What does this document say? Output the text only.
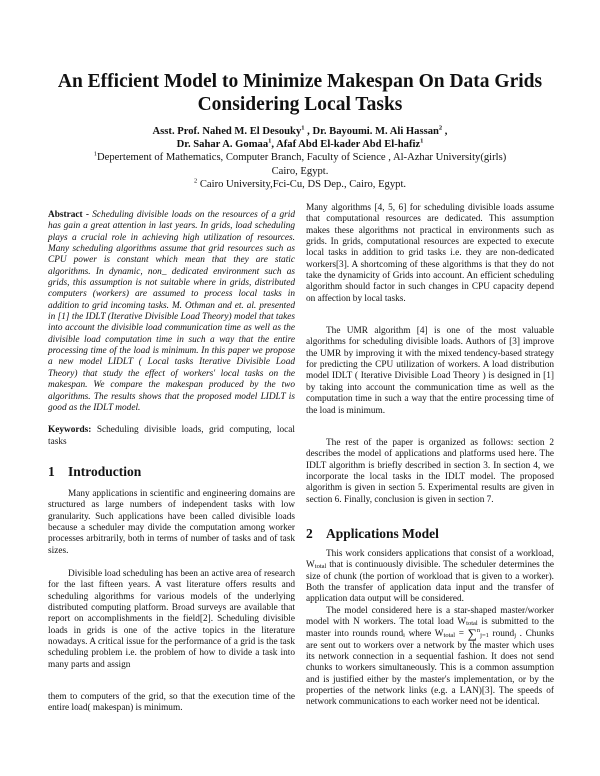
An Efficient Model to Minimize Makespan On Data Grids
Considering Local Tasks
Asst. Prof. Nahed M. El Desouky$^1$ , Dr. Bayoumi. M. Ali Hassan$^2$ ,
Dr. Sahar A. Gomaa$^1$, Afaf Abd El-kader Abd El-hafiz$^1$
$^1$Depertement of Mathematics, Computer Branch, Faculty of Science , Al-Azhar University(girls)
Cairo, Egypt.
$^2$ Cairo University,Fci-Cu, DS Dep., Cairo, Egypt.

Abstract - Scheduling divisible loads on the resources of a grid has gain a great attention in last years. In grids, load scheduling plays a crucial role in achieving high utilization of resources. Many scheduling algorithms assume that grid resources such as CPU power is constant which mean that they are static algorithms. In dynamic, non_ dedicated environment such as grids, this assumption is not suitable where in grids, distributed computers (workers) are assumed to process local tasks in addition to grid incoming tasks. M. Othman and et. al. presented in [1] the IDLT (Iterative Divisible Load Theory) model that takes into account the divisible load communication time as well as the divisible load computation time in such a way that the entire processing time of the load is minimum. In this paper we propose a new model LIDLT ( Local tasks Iterative Divisible Load Theory) that study the effect of workers' local tasks on the makespan. We compare the makespan produced by the two algorithms. The results shows that the proposed model LIDLT is good as the IDLT model.

Keywords: Scheduling divisible loads, grid computing, local tasks

1 Introduction

Many applications in scientific and engineering domains are structured as large numbers of independent tasks with low granularity. Such applications have been called divisible loads because a scheduler may divide the computation among worker processes arbitrarily, both in terms of number of tasks and of task sizes.

Divisible load scheduling has been an active area of research for the last fifteen years. A vast literature offers results and scheduling algorithms for various models of the underlying distributed computing platform. Broad surveys are available that report on accomplishments in the field[2]. Scheduling divisible loads in grids is one of the active topics in the literature nowadays. A critical issue for the performance of a grid is the task scheduling problem i.e. the problem of how to divide a task into many parts and assign

them to computers of the grid, so that the execution time of the entire load( makespan) is minimum.

Many algorithms [4, 5, 6] for scheduling divisible loads assume that computational resources are dedicated. This assumption makes these algorithms not practical in environments such as grids. In grids, computational resources are expected to execute local tasks in addition to grid tasks i.e. they are non-dedicated workers[3]. A shortcoming of these algorithms is that they do not take the dynamicity of Grids into account. An efficient scheduling algorithm should factor in such changes in CPU capacity depend on affection by local tasks.

The UMR algorithm [4] is one of the most valuable algorithms for scheduling divisible loads. Authors of [3] improve the UMR by improving it with the mixed tendency-based strategy for predicting the CPU utilization of workers. A load distribution model IDLT ( Iterative Divisible Load Theory ) is designed in [1] by taking into account the communication time as well as the computation time in such a way that the entire processing time of the load is minimum.

The rest of the paper is organized as follows: section 2 describes the model of applications and platforms used here. The IDLT algorithm is briefly described in section 3. In section 4, we incorporate the local tasks in the IDLT model. The proposed algorithm is given in section 5. Experimental results are given in section 6. Finally, conclusion is given in section 7.

2 Applications Model

This work considers applications that consist of a workload, $W_{total}$ that is continuously divisible. The scheduler determines the size of chunk (the portion of workload that is given to a worker). Both the transfer of application data input and the transfer of application data output will be considered.

The model considered here is a star-shaped master/worker model with N workers. The total load $W_{total}$ is submitted to the master into rounds round$_i$ where $W_{total} = \sum^n_{j=1}$ round$_j$ . Chunks are sent out to workers over a network by the master which uses its network connection in a sequential fashion. It does not send chunks to workers simultaneously. This is a common assumption and is justified either by the master's implementation, or by the properties of the network links (e.g. a LAN)[3]. The speeds of network communications to each worker need not be identical.
